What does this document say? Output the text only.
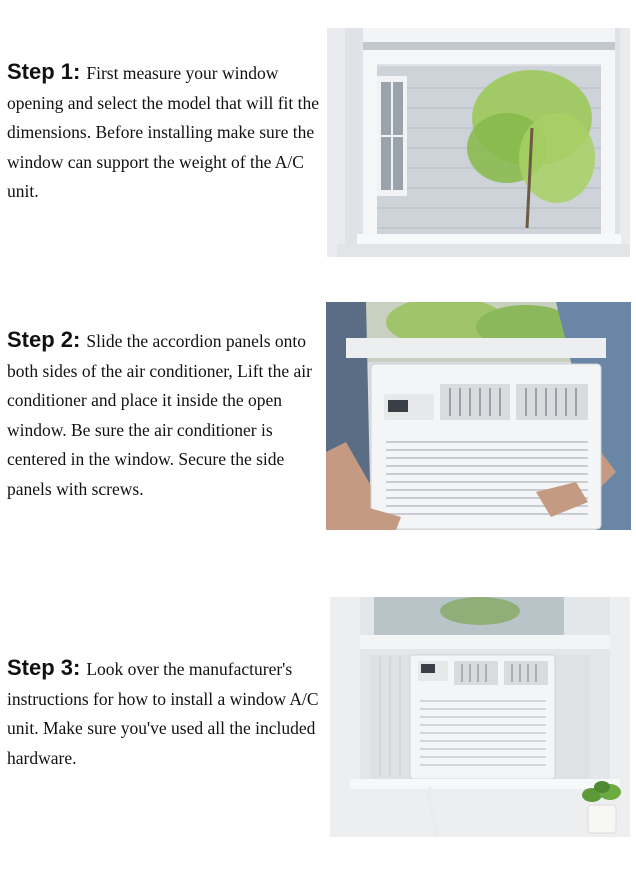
Step 1: First measure your window opening and select the model that will fit the dimensions. Before installing make sure the window can support the weight of the A/C unit.
Step 2: Slide the accordion panels onto both sides of the air conditioner, Lift the air conditioner and place it inside the open window. Be sure the air conditioner is centered in the window. Secure the side panels with screws.
Step 3: Look over the manufacturer's instructions for how to install a window A/C unit. Make sure you've used all the included hardware.
